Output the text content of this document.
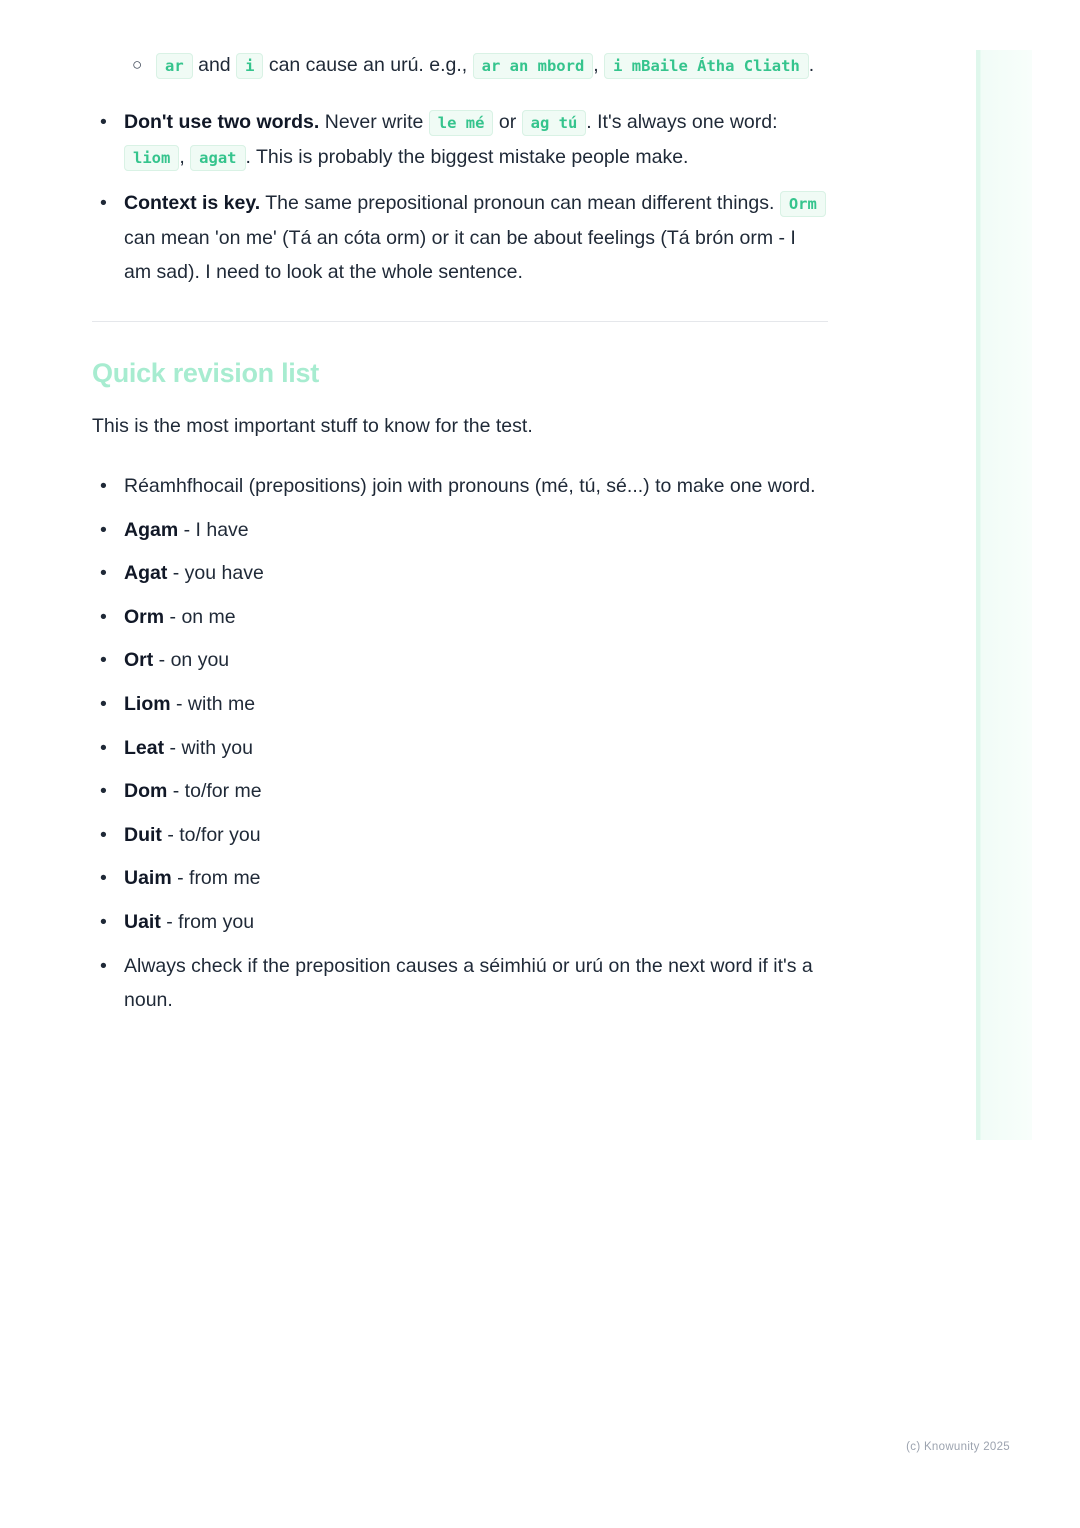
○ ar and i can cause an urú. e.g., ar an mbord , i mBaile Átha Cliath .
• Don't use two words. Never write le mé or ag tú . It's always one word: liom , agat . This is probably the biggest mistake people make.
• Context is key. The same prepositional pronoun can mean different things. Orm can mean 'on me' (Tá an cóta orm) or it can be about feelings (Tá brón orm - I am sad). I need to look at the whole sentence.
Quick revision list

This is the most important stuff to know for the test.

• Réamhfhocail (prepositions) join with pronouns (mé, tú, sé...) to make one word.
• Agam - I have
• Agat - you have
• Orm - on me
• Ort - on you
• Liom - with me
• Leat - with you
• Dom - to/for me
• Duit - to/for you
• Uaim - from me
• Uait - from you
• Always check if the preposition causes a séimhiú or urú on the next word if it's a noun.
(c) Knowunity 2025
